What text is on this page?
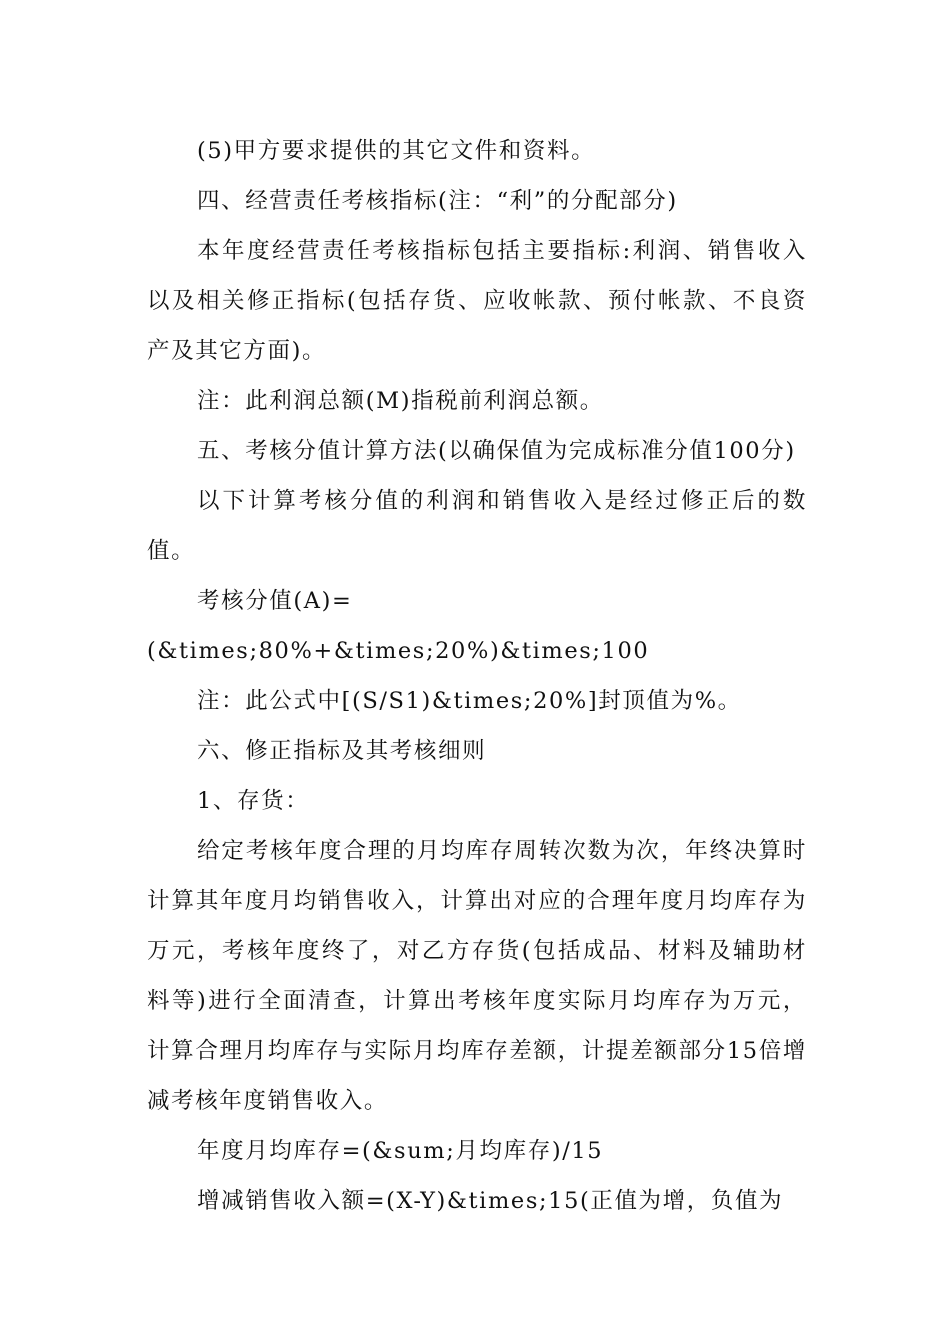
(5)甲方要求提供的其它文件和资料。

四、经营责任考核指标(注：“利”的分配部分)

本年度经营责任考核指标包括主要指标:利润、销售收入以及相关修正指标(包括存货、应收帐款、预付帐款、不良资产及其它方面)。

注：此利润总额(M)指税前利润总额。

五、考核分值计算方法(以确保值为完成标准分值100分)

以下计算考核分值的利润和销售收入是经过修正后的数值。

考核分值(A)=(&times;80%+&times;20%)&times;100

注：此公式中[(S/S1)&times;20%]封顶值为%。

六、修正指标及其考核细则

1、存货：

给定考核年度合理的月均库存周转次数为次，年终决算时计算其年度月均销售收入，计算出对应的合理年度月均库存为万元，考核年度终了，对乙方存货(包括成品、材料及辅助材料等)进行全面清查，计算出考核年度实际月均库存为万元，计算合理月均库存与实际月均库存差额，计提差额部分15倍增减考核年度销售收入。

年度月均库存=(&sum;月均库存)/15

增减销售收入额=(X-Y)&times;15(正值为增，负值为
